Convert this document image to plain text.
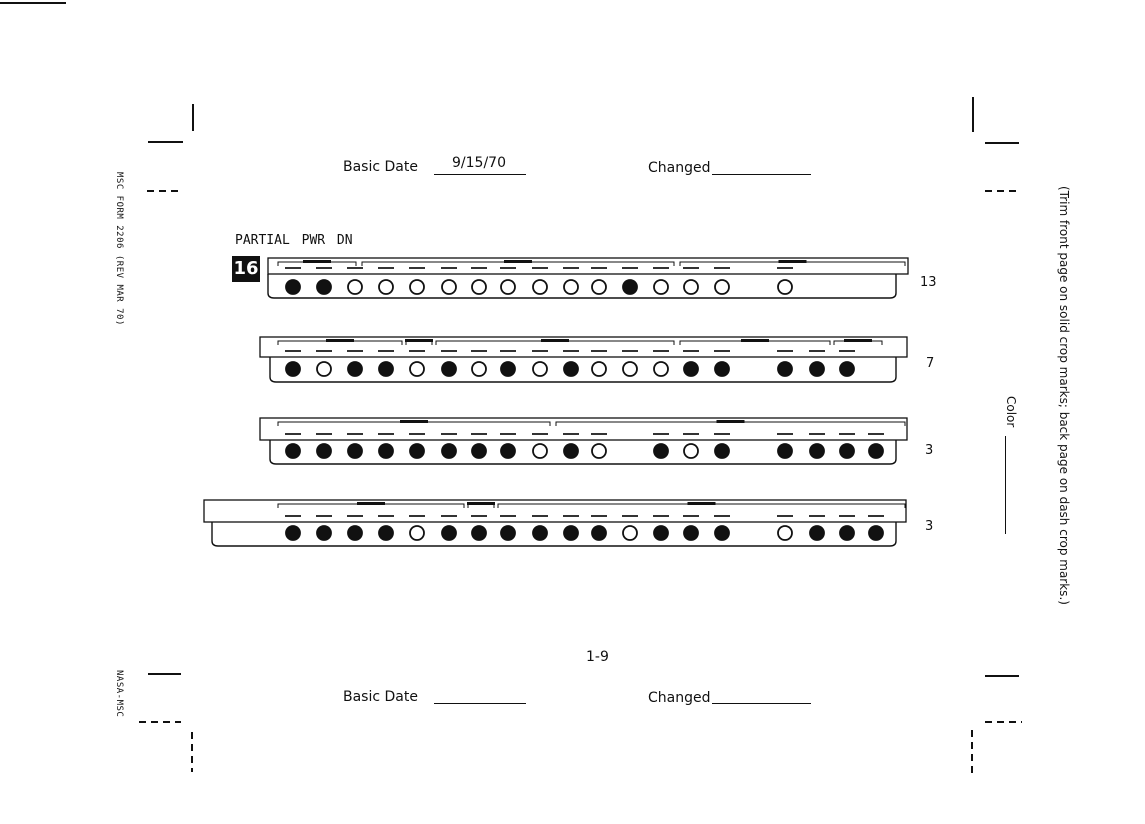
Basic Date 9/15/70	Changed
1-9
Basic Date	Changed
MSC FORM 2206 (REV MAR 70)
NASA-MSC
(Trim front page on solid crop marks; back page on dash crop marks.)
Color
PARTIAL PWR DN
16
13
7
3
3
